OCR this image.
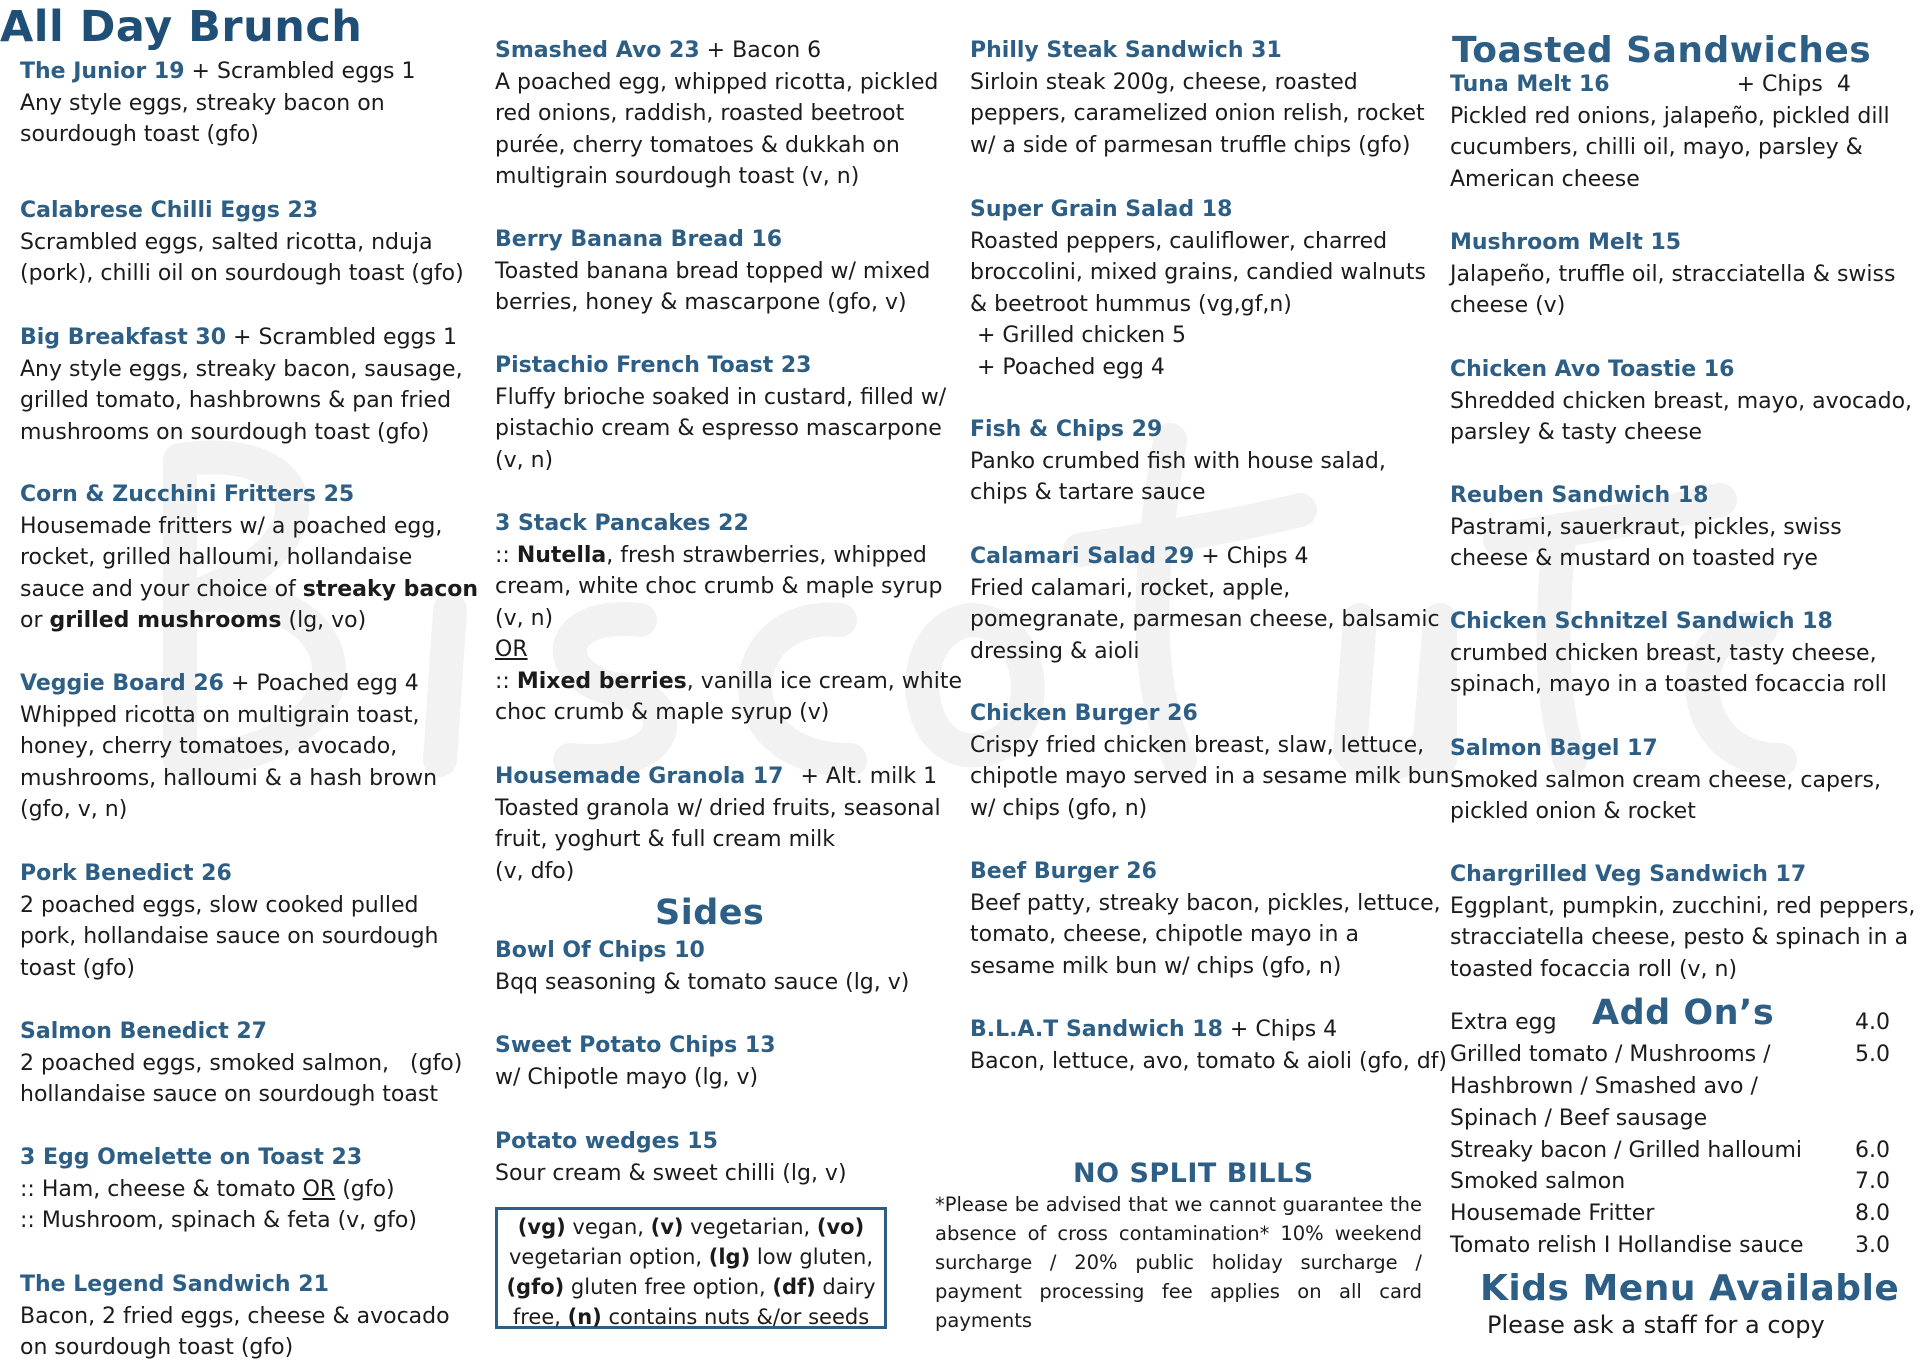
All Day Brunch
The Junior 19 + Scrambled eggs 1
Any style eggs, streaky bacon on sourdough toast (gfo)
Calabrese Chilli Eggs 23
Scrambled eggs, salted ricotta, nduja (pork), chilli oil on sourdough toast (gfo)
Big Breakfast 30 + Scrambled eggs 1
Any style eggs, streaky bacon, sausage, grilled tomato, hashbrowns & pan fried mushrooms on sourdough toast (gfo)
Corn & Zucchini Fritters 25
Housemade fritters w/ a poached egg, rocket, grilled halloumi, hollandaise sauce and your choice of streaky bacon or grilled mushrooms (lg, vo)
Veggie Board 26 + Poached egg 4
Whipped ricotta on multigrain toast, honey, cherry tomatoes, avocado, mushrooms, halloumi & a hash brown (gfo, v, n)
Pork Benedict 26
2 poached eggs, slow cooked pulled pork, hollandaise sauce on sourdough toast (gfo)
Salmon Benedict 27
2 poached eggs, smoked salmon,   (gfo)
hollandaise sauce on sourdough toast
3 Egg Omelette on Toast 23
:: Ham, cheese & tomato OR (gfo)
:: Mushroom, spinach & feta (v, gfo)
The Legend Sandwich 21
Bacon, 2 fried eggs, cheese & avocado on sourdough toast (gfo)
Smashed Avo 23 + Bacon 6
A poached egg, whipped ricotta, pickled red onions, raddish, roasted beetroot purée, cherry tomatoes & dukkah on multigrain sourdough toast (v, n)
Berry Banana Bread 16
Toasted banana bread topped w/ mixed berries, honey & mascarpone (gfo, v)
Pistachio French Toast 23
Fluffy brioche soaked in custard, filled w/ pistachio cream & espresso mascarpone (v, n)
3 Stack Pancakes 22
:: Nutella, fresh strawberries, whipped cream, white choc crumb & maple syrup (v, n)
OR
:: Mixed berries, vanilla ice cream, white choc crumb & maple syrup (v)
Housemade Granola 17 + Alt. milk 1
Toasted granola w/ dried fruits, seasonal fruit, yoghurt & full cream milk
(v, dfo)
Sides
Bowl Of Chips 10
Bqq seasoning & tomato sauce (lg, v)
Sweet Potato Chips 13
w/ Chipotle mayo (lg, v)
Potato wedges 15
Sour cream & sweet chilli (lg, v)
(vg) vegan, (v) vegetarian, (vo)
vegetarian option, (lg) low gluten,
(gfo) gluten free option, (df) dairy
free, (n) contains nuts &/or seeds
Philly Steak Sandwich 31
Sirloin steak 200g, cheese, roasted peppers, caramelized onion relish, rocket w/ a side of parmesan truffle chips (gfo)
Super Grain Salad 18
Roasted peppers, cauliflower, charred broccolini, mixed grains, candied walnuts & beetroot hummus (vg,gf,n)
+ Grilled chicken 5
+ Poached egg 4
Fish & Chips 29
Panko crumbed fish with house salad, chips & tartare sauce
Calamari Salad 29 + Chips 4
Fried calamari, rocket, apple, pomegranate, parmesan cheese, balsamic dressing & aioli
Chicken Burger 26
Crispy fried chicken breast, slaw, lettuce, chipotle mayo served in a sesame milk bun w/ chips (gfo, n)
Beef Burger 26
Beef patty, streaky bacon, pickles, lettuce, tomato, cheese, chipotle mayo in a sesame milk bun w/ chips (gfo, n)
B.L.A.T Sandwich 18 + Chips 4
Bacon, lettuce, avo, tomato & aioli (gfo, df)
NO SPLIT BILLS
*Please be advised that we cannot guarantee the absence of cross contamination* 10% weekend surcharge / 20% public holiday surcharge / payment processing fee applies on all card payments
Toasted Sandwiches
Tuna Melt 16	+ Chips  4
Pickled red onions, jalapeño, pickled dill cucumbers, chilli oil, mayo, parsley & American cheese
Mushroom Melt 15
Jalapeño, truffle oil, stracciatella & swiss cheese (v)
Chicken Avo Toastie 16
Shredded chicken breast, mayo, avocado, parsley & tasty cheese
Reuben Sandwich 18
Pastrami, sauerkraut, pickles, swiss cheese & mustard on toasted rye
Chicken Schnitzel Sandwich 18
crumbed chicken breast, tasty cheese, spinach, mayo in a toasted focaccia roll
Salmon Bagel 17
Smoked salmon cream cheese, capers, pickled onion & rocket
Chargrilled Veg Sandwich 17
Eggplant, pumpkin, zucchini, red peppers, stracciatella cheese, pesto & spinach in a toasted focaccia roll (v, n)
Add On’s
Extra egg	4.0
Grilled tomato / Mushrooms /	5.0
Hashbrown / Smashed avo /
Spinach / Beef sausage
Streaky bacon / Grilled halloumi 6.0
Smoked salmon	7.0
Housemade Fritter	8.0
Tomato relish I Hollandise sauce 3.0
Kids Menu Available
Please ask a staff for a copy
